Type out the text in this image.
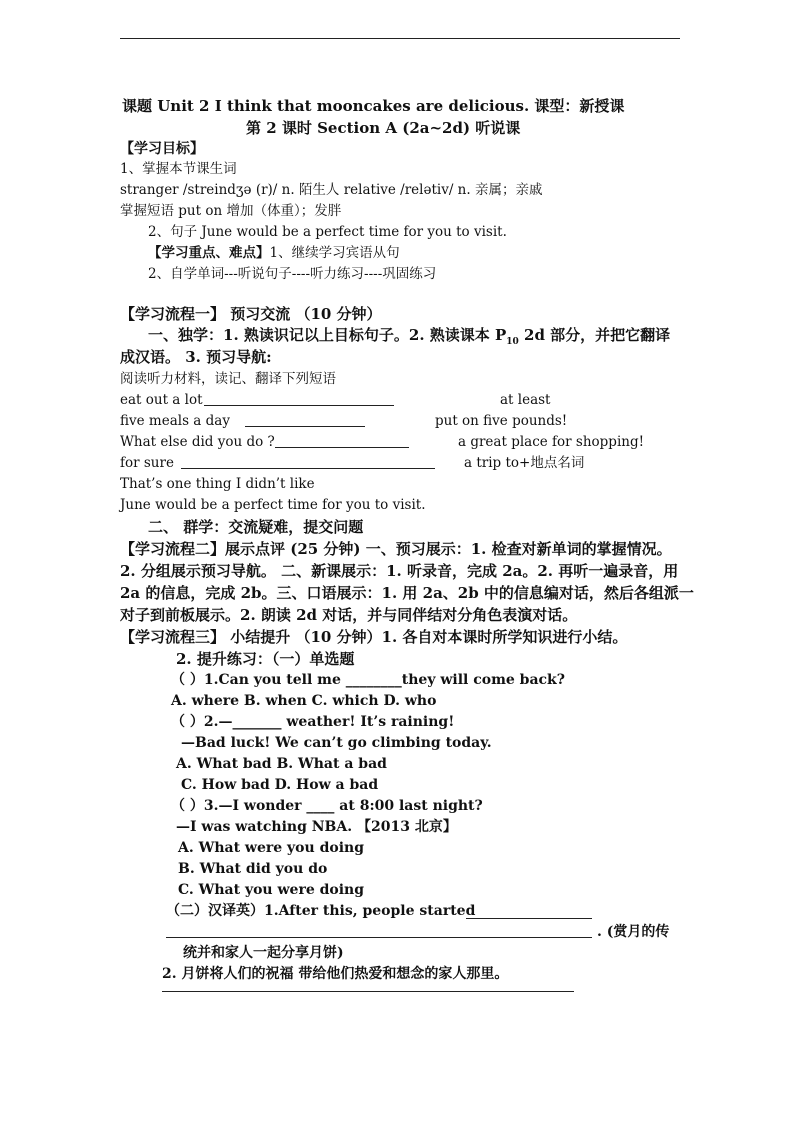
课题 Unit 2 I think that mooncakes are delicious. 课型：新授课
第 2 课时 Section A (2a~2d) 听说课
【学习目标】
1、掌握本节课生词
stranger /streindʒə (r)/ n. 陌生人 relative /relətiv/ n. 亲属；亲戚
掌握短语 put on 增加（体重）；发胖
2、句子 June would be a perfect time for you to visit.
【学习重点、难点】1、继续学习宾语从句
2、自学单词---听说句子----听力练习----巩固练习
【学习流程一】 预习交流 （10 分钟）
一、独学：1. 熟读识记以上目标句子。2. 熟读课本 $P_{10}$ 2d 部分，并把它翻译
成汉语。 3. 预习导航:
阅读听力材料，读记、翻译下列短语
eat out a lot	at least
five meals a day	put on five pounds!
What else did you do ?	a great place for shopping!
for sure	a trip to+地点名词
That’s one thing I didn’t like
June would be a perfect time for you to visit.
二、 群学：交流疑难，提交问题
【学习流程二】展示点评 (25 分钟) 一、预习展示：1. 检查对新单词的掌握情况。
2. 分组展示预习导航。 二、新课展示：1. 听录音，完成 2a。2. 再听一遍录音，用
2a 的信息，完成 2b。三、口语展示：1. 用 2a、2b 中的信息编对话，然后各组派一
对子到前板展示。2. 朗读 2d 对话，并与同伴结对分角色表演对话。
【学习流程三】 小结提升 （10 分钟）1. 各自对本课时所学知识进行小结。
2. 提升练习：（一）单选题
（ ）1.Can you tell me ________they will come back?
A. where B. when C. which D. who
（ ）2.—_______ weather! It’s raining!
—Bad luck! We can’t go climbing today.
A. What bad B. What a bad
C. How bad D. How a bad
（ ）3.—I wonder ____ at 8:00 last night?
—I was watching NBA. 【2013 北京】
A. What were you doing
B. What did you do
C. What you were doing
（二）汉译英）1.After this, people started
. (赏月的传
统并和家人一起分享月饼)
2. 月饼将人们的祝福 带给他们热爱和想念的家人那里。
